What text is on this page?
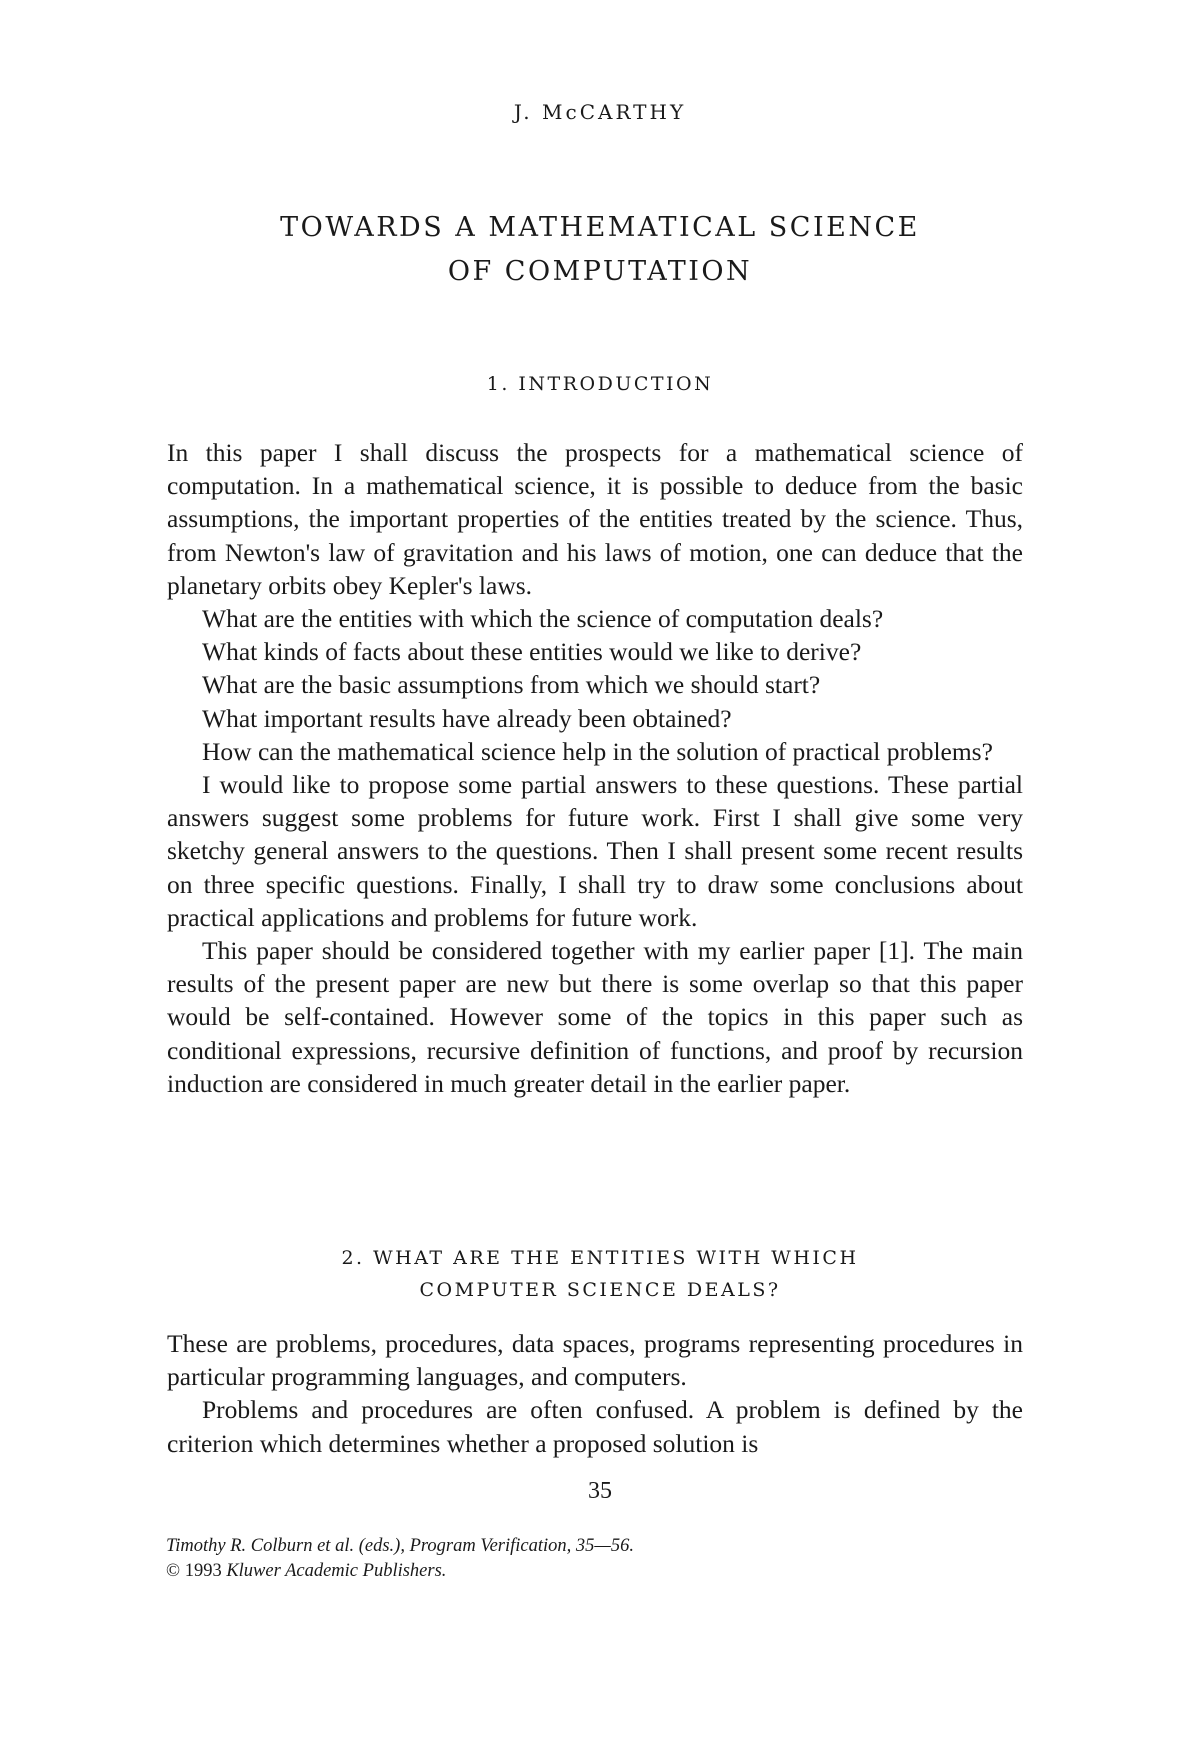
J. McCARTHY
TOWARDS A MATHEMATICAL SCIENCE
OF COMPUTATION
1. INTRODUCTION

In this paper I shall discuss the prospects for a mathematical science of computation. In a mathematical science, it is possible to deduce from the basic assumptions, the important properties of the entities treated by the science. Thus, from Newton's law of gravitation and his laws of motion, one can deduce that the planetary orbits obey Kepler's laws.

What are the entities with which the science of computation deals?

What kinds of facts about these entities would we like to derive?

What are the basic assumptions from which we should start?

What important results have already been obtained?

How can the mathematical science help in the solution of practical problems?

I would like to propose some partial answers to these questions. These partial answers suggest some problems for future work. First I shall give some very sketchy general answers to the questions. Then I shall present some recent results on three specific questions. Finally, I shall try to draw some conclusions about practical applications and problems for future work.

This paper should be considered together with my earlier paper [1]. The main results of the present paper are new but there is some overlap so that this paper would be self-contained. However some of the topics in this paper such as conditional expressions, recursive definition of functions, and proof by recursion induction are considered in much greater detail in the earlier paper.

2. WHAT ARE THE ENTITIES WITH WHICH
COMPUTER SCIENCE DEALS?

These are problems, procedures, data spaces, programs representing procedures in particular programming languages, and computers.

Problems and procedures are often confused. A problem is defined by the criterion which determines whether a proposed solution is

35
Timothy R. Colburn et al. (eds.), Program Verification, 35—56.
© 1993 Kluwer Academic Publishers.
